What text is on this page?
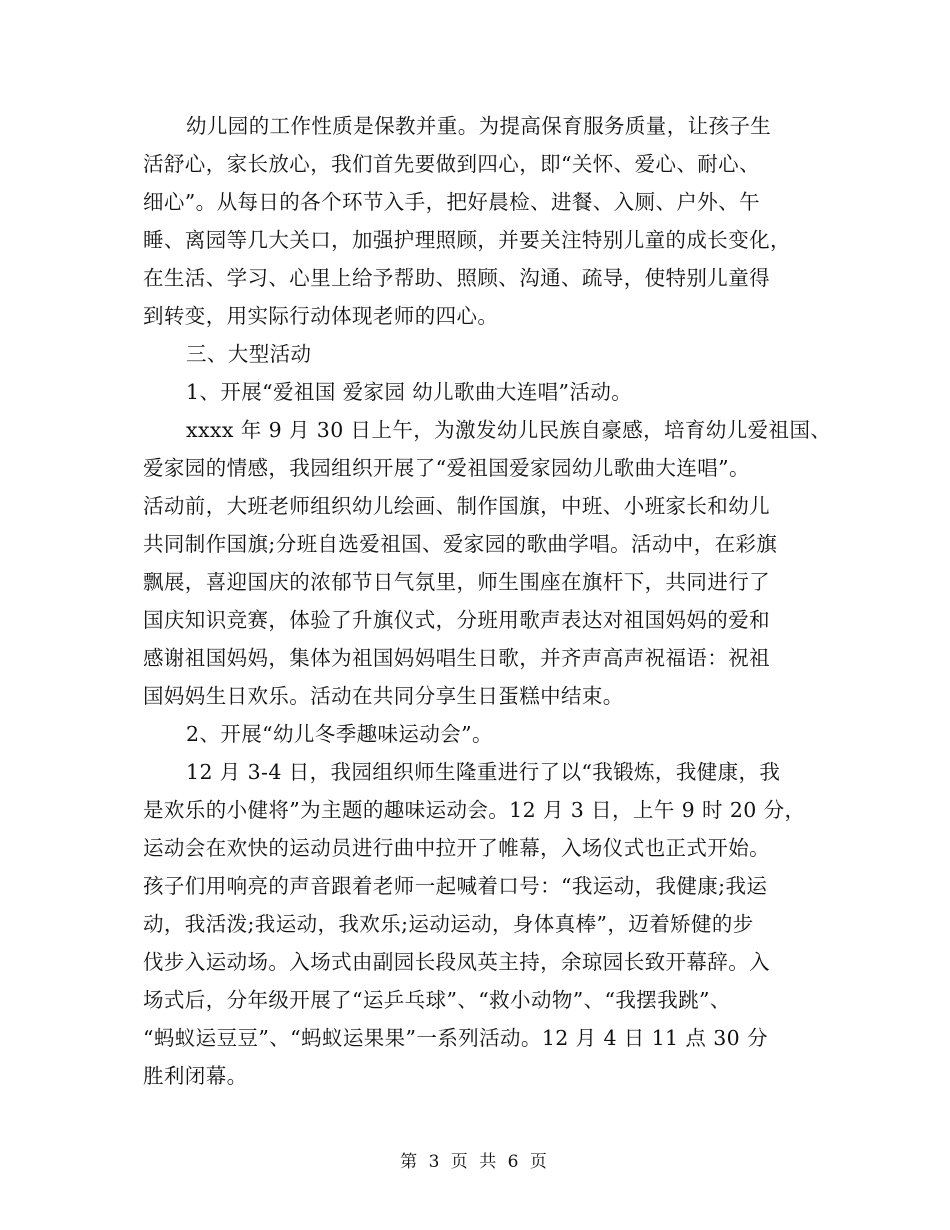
幼儿园的工作性质是保教并重。为提高保育服务质量，让孩子生
活舒心，家长放心，我们首先要做到四心，即“关怀、爱心、耐心、
细心”。从每日的各个环节入手，把好晨检、进餐、入厕、户外、午
睡、离园等几大关口，加强护理照顾，并要关注特别儿童的成长变化，
在生活、学习、心里上给予帮助、照顾、沟通、疏导，使特别儿童得
到转变，用实际行动体现老师的四心。
三、大型活动
1、开展“爱祖国 爱家园 幼儿歌曲大连唱”活动。
xxxx 年 9 月 30 日上午，为激发幼儿民族自豪感，培育幼儿爱祖国、
爱家园的情感，我园组织开展了“爱祖国爱家园幼儿歌曲大连唱”。
活动前，大班老师组织幼儿绘画、制作国旗，中班、小班家长和幼儿
共同制作国旗;分班自选爱祖国、爱家园的歌曲学唱。活动中，在彩旗
飘展，喜迎国庆的浓郁节日气氛里，师生围座在旗杆下，共同进行了
国庆知识竞赛，体验了升旗仪式，分班用歌声表达对祖国妈妈的爱和
感谢祖国妈妈，集体为祖国妈妈唱生日歌，并齐声高声祝福语：祝祖
国妈妈生日欢乐。活动在共同分享生日蛋糕中结束。
2、开展“幼儿冬季趣味运动会”。
12 月 3-4 日，我园组织师生隆重进行了以“我锻炼，我健康，我
是欢乐的小健将”为主题的趣味运动会。12 月 3 日，上午 9 时 20 分，
运动会在欢快的运动员进行曲中拉开了帷幕，入场仪式也正式开始。
孩子们用响亮的声音跟着老师一起喊着口号：“我运动，我健康;我运
动，我活泼;我运动，我欢乐;运动运动，身体真棒”，迈着矫健的步
伐步入运动场。入场式由副园长段凤英主持，余琼园长致开幕辞。入
场式后，分年级开展了“运乒乓球”、“救小动物”、“我摆我跳”、
“蚂蚁运豆豆”、“蚂蚁运果果”一系列活动。12 月 4 日 11 点 30 分
胜利闭幕。
第 3 页 共 6 页
